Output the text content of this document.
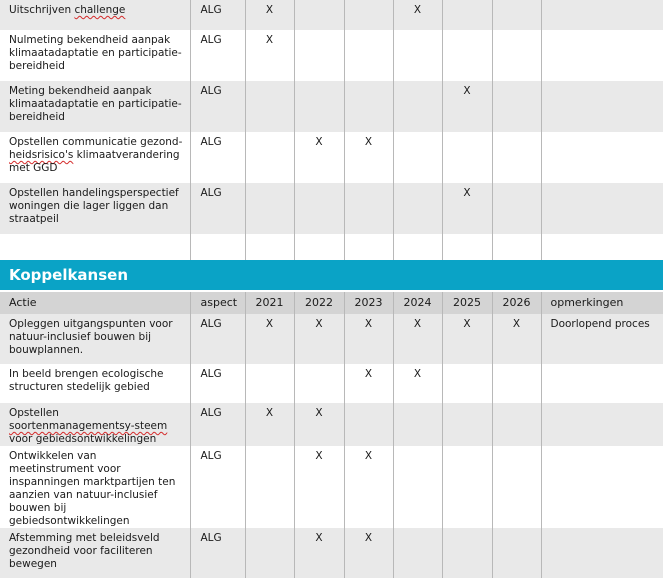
Uitschrijven challenge	ALG	X			X			
Nulmeting bekendheid aanpak klimaatadaptatie en participatie-bereidheid	ALG	X						
Meting bekendheid aanpak klimaatadaptatie en participatie-bereidheid	ALG					X		
Opstellen communicatie gezond-heidsrisico's klimaatverandering met GGD	ALG		X	X				
Opstellen handelingsperspectief woningen die lager liggen dan straatpeil	ALG					X		

Koppelkansen
Actie	aspect	2021	2022	2023	2024	2025	2026	opmerkingen
Opleggen uitgangspunten voor natuur-inclusief bouwen bij bouwplannen.	ALG	X	X	X	X	X	X	Doorlopend proces
In beeld brengen ecologische structuren stedelijk gebied	ALG			X	X			
Opstellen soortenmanagementsy-steem voor gebiedsontwikkelingen	ALG	X	X					
Ontwikkelen van meetinstrument voor inspanningen marktpartijen ten aanzien van natuur-inclusief bouwen bij gebiedsontwikkelingen	ALG		X	X				
Afstemming met beleidsveld gezondheid voor faciliteren bewegen	ALG		X	X				
